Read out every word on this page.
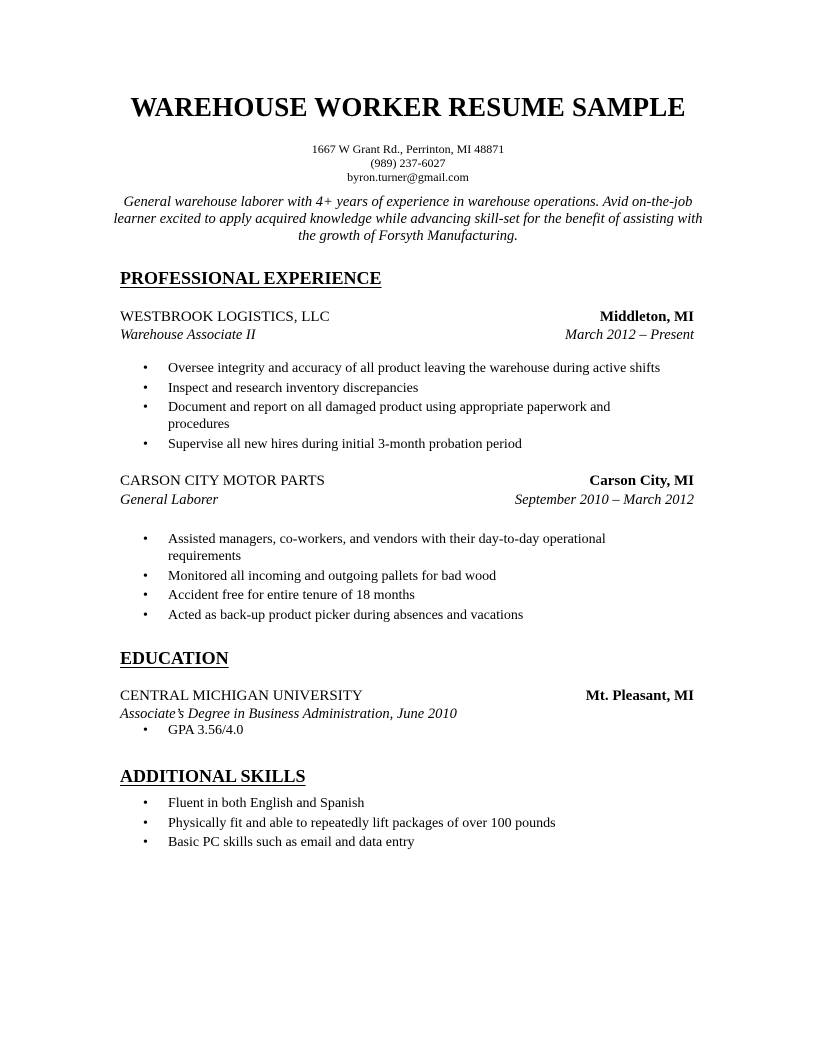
WAREHOUSE WORKER RESUME SAMPLE
1667 W Grant Rd., Perrinton, MI 48871
(989) 237-6027
byron.turner@gmail.com
General warehouse laborer with 4+ years of experience in warehouse operations. Avid on-the-job learner excited to apply acquired knowledge while advancing skill-set for the benefit of assisting with the growth of Forsyth Manufacturing.
PROFESSIONAL EXPERIENCE
WESTBROOK LOGISTICS, LLC	Middleton, MI
Warehouse Associate II	March 2012 – Present
• Oversee integrity and accuracy of all product leaving the warehouse during active shifts
• Inspect and research inventory discrepancies
• Document and report on all damaged product using appropriate paperwork and procedures
• Supervise all new hires during initial 3-month probation period
CARSON CITY MOTOR PARTS	Carson City, MI
General Laborer	September 2010 – March 2012
• Assisted managers, co-workers, and vendors with their day-to-day operational requirements
• Monitored all incoming and outgoing pallets for bad wood
• Accident free for entire tenure of 18 months
• Acted as back-up product picker during absences and vacations
EDUCATION
CENTRAL MICHIGAN UNIVERSITY	Mt. Pleasant, MI
Associate’s Degree in Business Administration, June 2010
• GPA 3.56/4.0
ADDITIONAL SKILLS
• Fluent in both English and Spanish
• Physically fit and able to repeatedly lift packages of over 100 pounds
• Basic PC skills such as email and data entry
